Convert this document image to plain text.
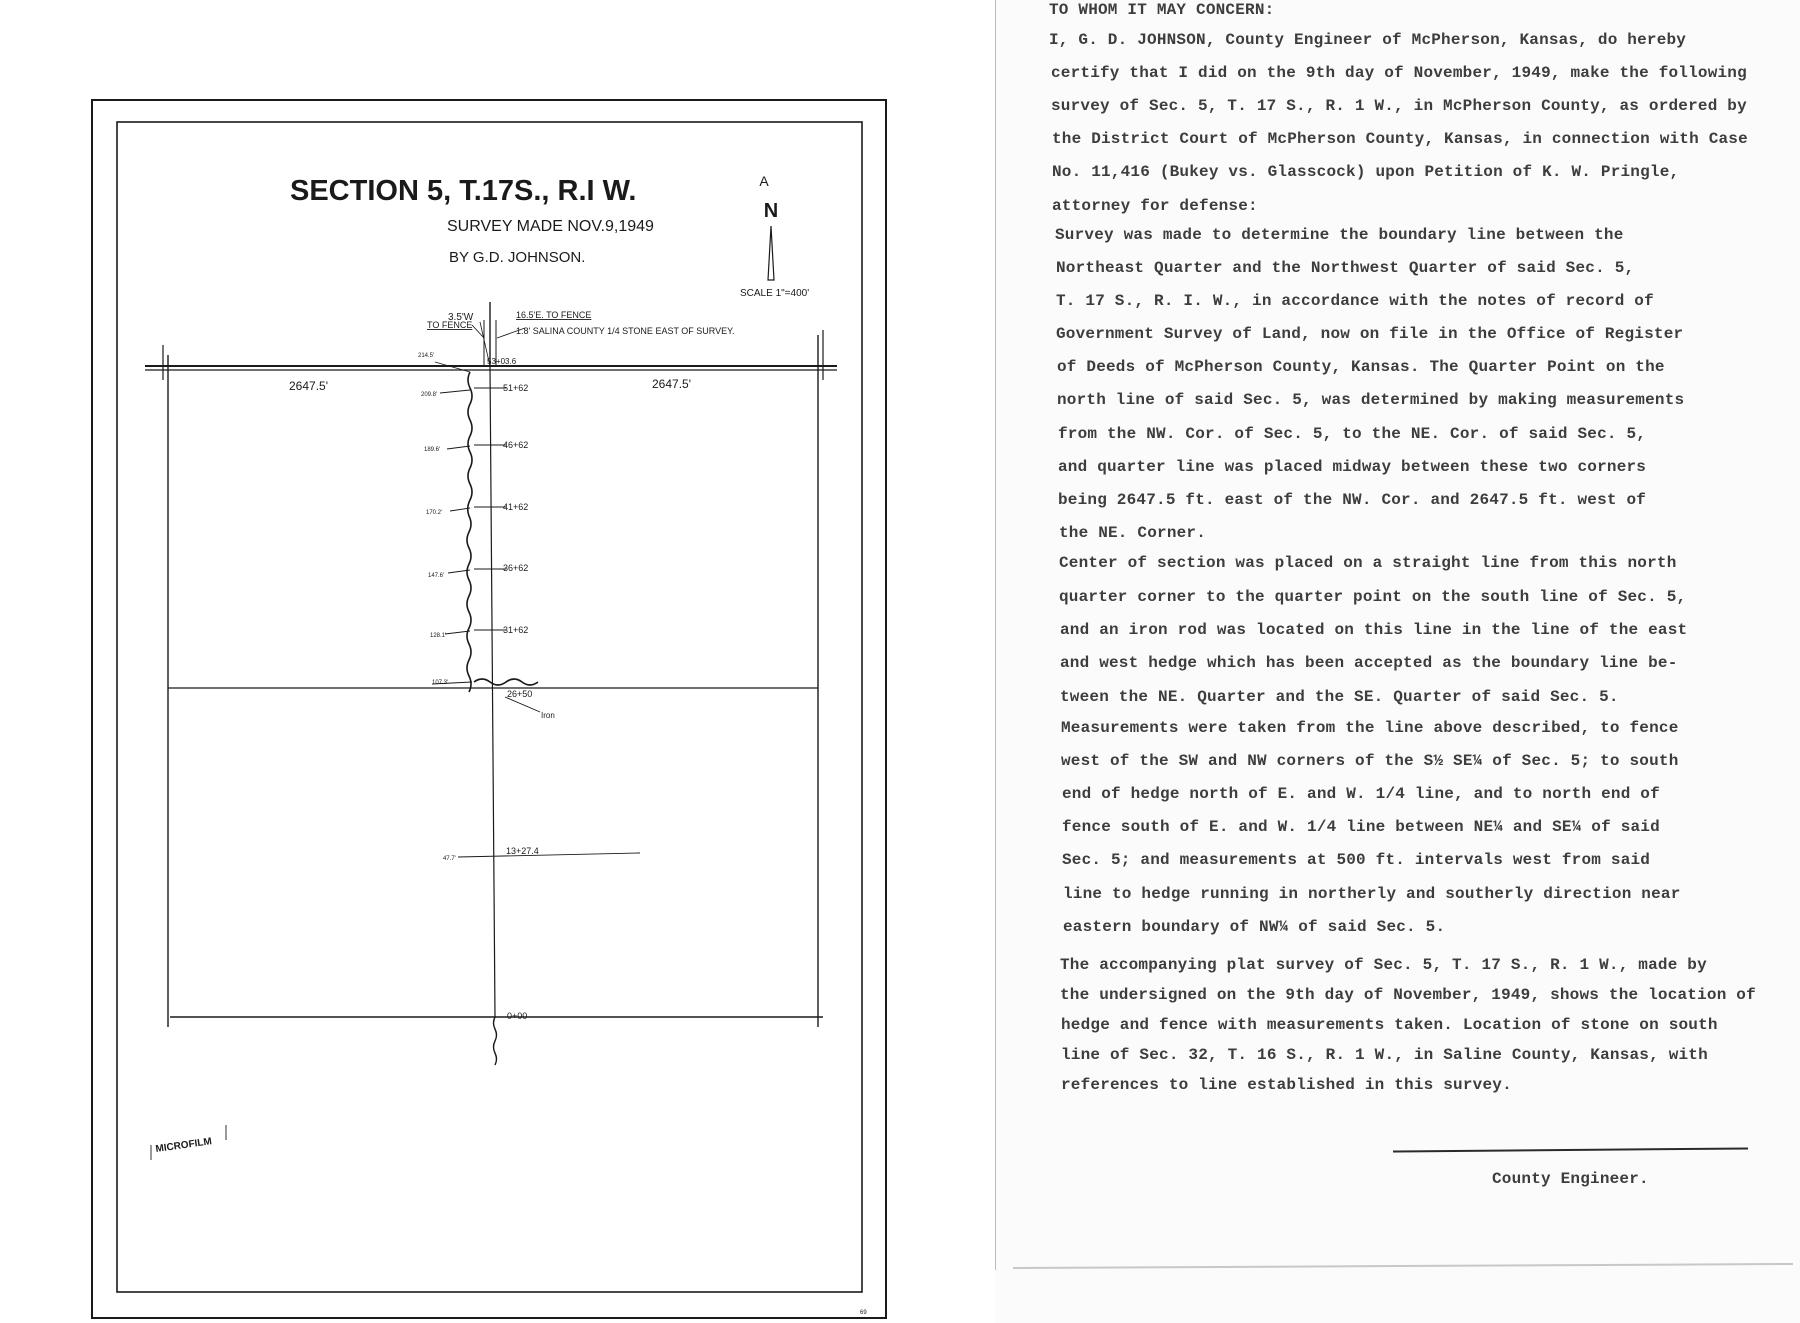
SECTION 5, T.17S., R.I W.
SURVEY MADE NOV.9,1949
BY G.D. JOHNSON.
A
N
SCALE 1"=400'
3.5'W
TO FENCE
16.5'E. TO FENCE
1.8' SALINA COUNTY 1/4 STONE EAST OF SURVEY.
2647.5'	2647.5'
53+03.6
51+62
46+62
41+62
36+62
31+62
26+50
13+27.4
0+00
214.5'
209.8'
189.6'
170.2'
147.6'
128.1'
107.3'
47.7'
Iron
MICROFILM
69

TO WHOM IT MAY CONCERN:

I, G. D. JOHNSON, County Engineer of McPherson, Kansas, do hereby

certify that I did on the 9th day of November, 1949, make the following

survey of Sec. 5, T. 17 S., R. 1 W., in McPherson County, as ordered by

the District Court of McPherson County, Kansas, in connection with Case

No. 11,416 (Bukey vs. Glasscock) upon Petition of K. W. Pringle,

attorney for defense:

Survey was made to determine the boundary line between the

Northeast Quarter and the Northwest Quarter of said Sec. 5,

T. 17 S., R. I. W., in accordance with the notes of record of

Government Survey of Land, now on file in the Office of Register

of Deeds of McPherson County, Kansas. The Quarter Point on the

north line of said Sec. 5, was determined by making measurements

from the NW. Cor. of Sec. 5, to the NE. Cor. of said Sec. 5,

and quarter line was placed midway between these two corners

being 2647.5 ft. east of the NW. Cor. and 2647.5 ft. west of

the NE. Corner.

Center of section was placed on a straight line from this north

quarter corner to the quarter point on the south line of Sec. 5,

and an iron rod was located on this line in the line of the east

and west hedge which has been accepted as the boundary line be-

tween the NE. Quarter and the SE. Quarter of said Sec. 5.

Measurements were taken from the line above described, to fence

west of the SW and NW corners of the S½ SE¼ of Sec. 5; to south

end of hedge north of E. and W. 1/4 line, and to north end of

fence south of E. and W. 1/4 line between NE¼ and SE¼ of said

Sec. 5; and measurements at 500 ft. intervals west from said

line to hedge running in northerly and southerly direction near

eastern boundary of NW¼ of said Sec. 5.

The accompanying plat survey of Sec. 5, T. 17 S., R. 1 W., made by

the undersigned on the 9th day of November, 1949, shows the location of

hedge and fence with measurements taken. Location of stone on south

line of Sec. 32, T. 16 S., R. 1 W., in Saline County, Kansas, with

references to line established in this survey.

County Engineer.
